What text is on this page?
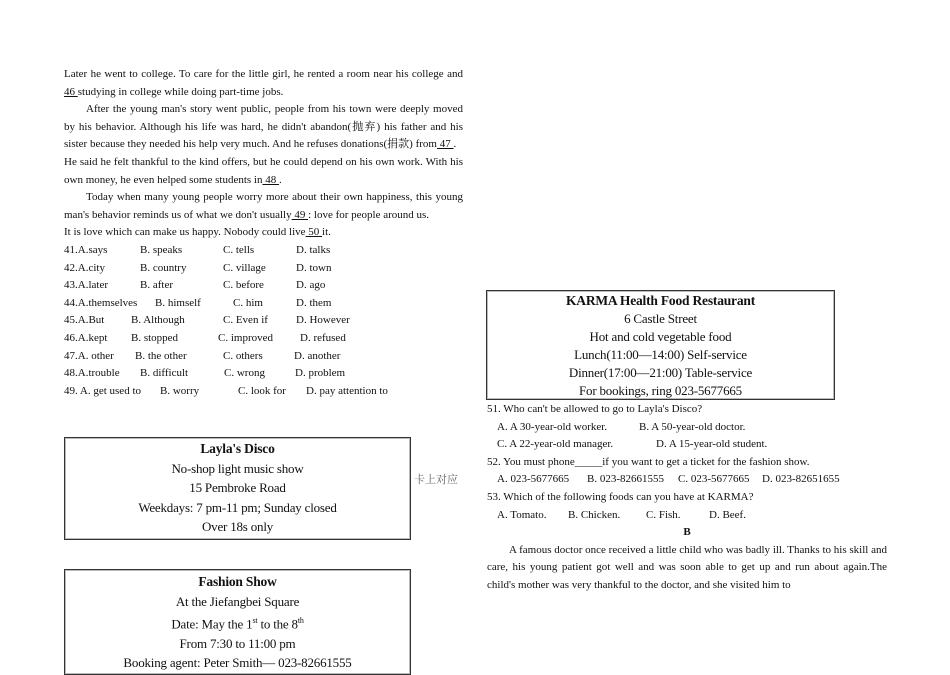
Later he went to college. To care for the little girl, he rented a room near his college and 46 studying in college while doing part-time jobs.

After the young man's story went public, people from his town were deeply moved by his behavior. Although his life was hard, he didn't abandon(抛弃) his father and his sister because they needed his help very much. And he refuses donations(捐款) from 47 .

He said he felt thankful to the kind offers, but he could depend on his own work. With his own money, he even helped some students in 48 .

Today when many young people worry more about their own happiness, this young man's behavior reminds us of what we don't usually 49 : love for people around us.

It is love which can make us happy. Nobody could live 50 it.

41.A.says	B. speaks	C. tells	D. talks

42.A.city	B. country	C. village	D. town

43.A.later	B. after	C. before	D. ago

44.A.themselves	B. himself	C. him	D. them

45.A.But	B. Although	C. Even if	D. However

46.A.kept	B. stopped	C. improved	D. refused

47.A. other	B. the other	C. others	D. another

48.A.trouble	B. difficult	C. wrong	D. problem

49. A. get used to	B. worry	C. look for	D. pay attention to

Layla's Disco
No-shop light music show
15 Pembroke Road
Weekdays: 7 pm-11 pm; Sunday closed
Over 18s only
卡上对应
Fashion Show
At the Jiefangbei Square
Date: May the 1st to the 8th
From 7:30 to 11:00 pm
Booking agent: Peter Smith— 023-82661555
KARMA Health Food Restaurant
6 Castle Street
Hot and cold vegetable food
Lunch(11:00—14:00) Self-service
Dinner(17:00—21:00) Table-service
For bookings, ring 023-5677665

51. Who can't be allowed to go to Layla's Disco?

A. A 30-year-old worker.	B. A 50-year-old doctor.

C. A 22-year-old manager.	D. A 15-year-old student.

52. You must phone_____if you want to get a ticket for the fashion show.

A. 023-5677665	B. 023-82661555	C. 023-5677665	D. 023-82651655

53. Which of the following foods can you have at KARMA?

A. Tomato.	B. Chicken.	C. Fish.	D. Beef.

B

A famous doctor once received a little child who was badly ill. Thanks to his skill and care, his young patient got well and was soon able to get up and run about again.The child's mother was very thankful to the doctor, and she visited him to
